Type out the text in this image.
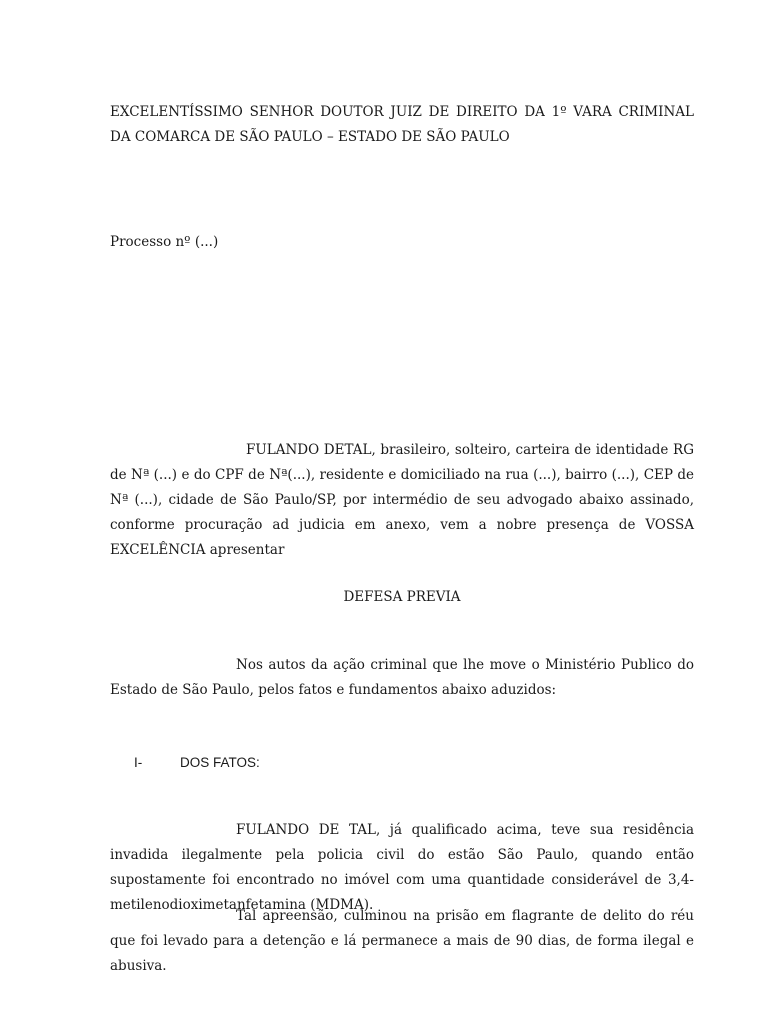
EXCELENTÍSSIMO SENHOR DOUTOR JUIZ DE DIREITO DA 1º VARA CRIMINAL DA COMARCA DE SÃO PAULO – ESTADO DE SÃO PAULO

Processo nº (...)

FULANDO DETAL, brasileiro, solteiro, carteira de identidade RG de Nª (...) e do CPF de Nª(...), residente e domiciliado na rua (...), bairro (...), CEP de Nª (...), cidade de São Paulo/SP, por intermédio de seu advogado abaixo assinado, conforme procuração ad judicia em anexo, vem a nobre presença de VOSSA EXCELÊNCIA apresentar

DEFESA PREVIA

Nos autos da ação criminal que lhe move o Ministério Publico do Estado de São Paulo, pelos fatos e fundamentos abaixo aduzidos:

I-	DOS FATOS:

FULANDO DE TAL, já qualificado acima, teve sua residência invadida ilegalmente pela policia civil do estão São Paulo, quando então supostamente foi encontrado no imóvel com uma quantidade considerável de 3,4-metilenodioximetanfetamina (MDMA).

Tal apreensão, culminou na prisão em flagrante de delito do réu que foi levado para a detenção e lá permanece a mais de 90 dias, de forma ilegal e abusiva.
